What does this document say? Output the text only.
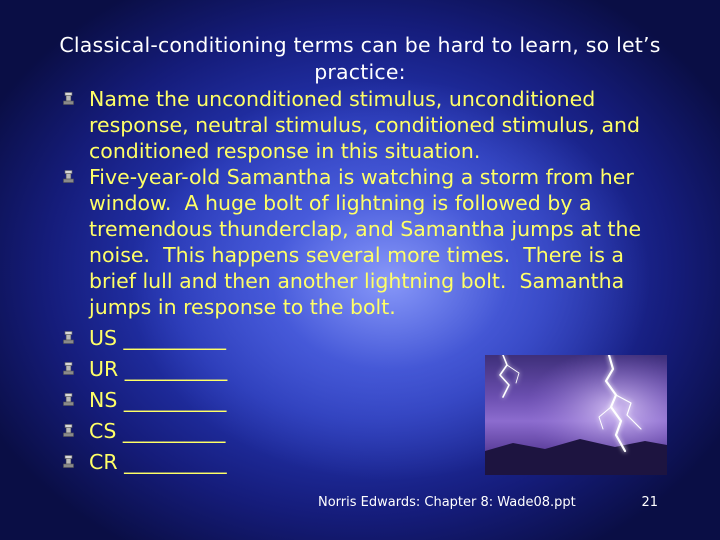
Classical-conditioning terms can be hard to learn, so let’s practice:
Name the unconditioned stimulus, unconditioned response, neutral stimulus, conditioned stimulus, and conditioned response in this situation.
Five-year-old Samantha is watching a storm from her window.  A huge bolt of lightning is followed by a tremendous thunderclap, and Samantha jumps at the noise.  This happens several more times.  There is a brief lull and then another lightning bolt.  Samantha jumps in response to the bolt.
US __________
UR __________
NS __________
CS __________
CR __________
Norris Edwards: Chapter 8: Wade08.ppt	21
